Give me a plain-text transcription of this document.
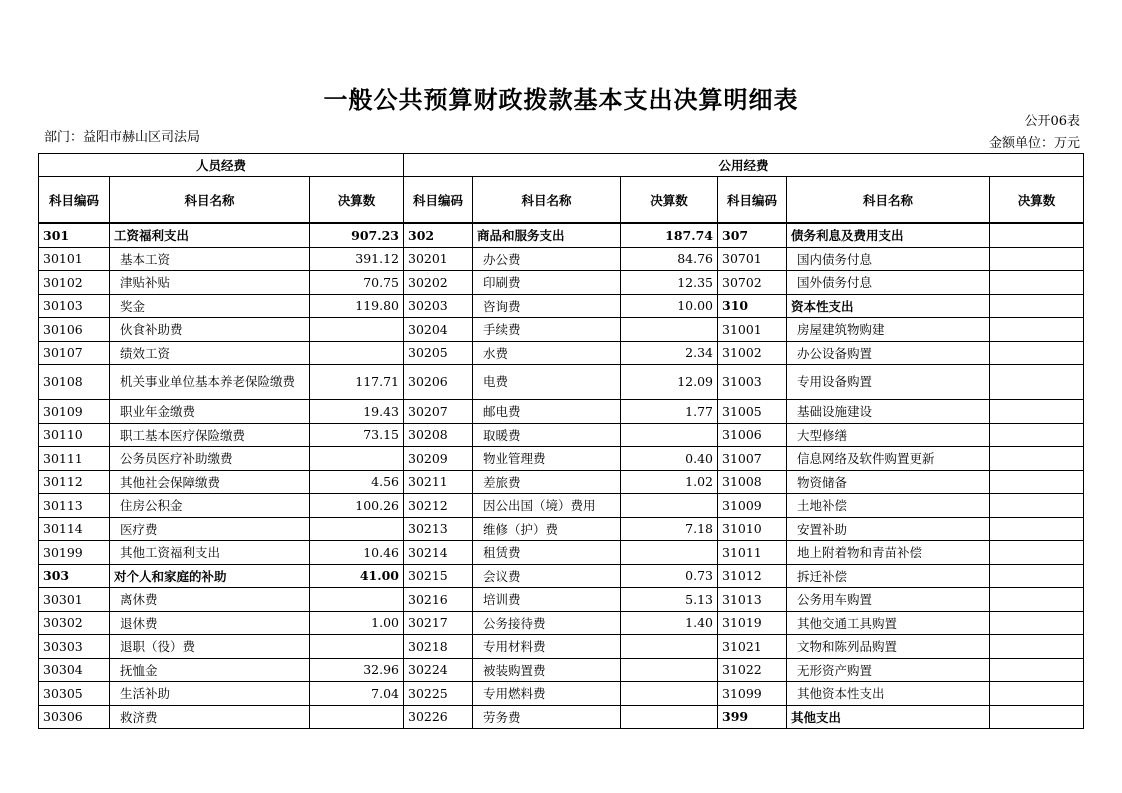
一般公共预算财政拨款基本支出决算明细表
部门：益阳市赫山区司法局
公开06表
金额单位：万元
人员经费			公用经费					
科目编码	科目名称	决算数	科目编码	科目名称	决算数	科目编码	科目名称	决算数
301	工资福利支出	907.23	302	商品和服务支出	187.74	307	债务利息及费用支出	
30101	基本工资	391.12	30201	办公费	84.76	30701	国内债务付息	
30102	津贴补贴	70.75	30202	印刷费	12.35	30702	国外债务付息	
30103	奖金	119.80	30203	咨询费	10.00	310	资本性支出	
30106	伙食补助费		30204	手续费		31001	房屋建筑物购建	
30107	绩效工资		30205	水费	2.34	31002	办公设备购置	
30108	机关事业单位基本养老保险缴费	117.71	30206	电费	12.09	31003	专用设备购置	
30109	职业年金缴费	19.43	30207	邮电费	1.77	31005	基础设施建设	
30110	职工基本医疗保险缴费	73.15	30208	取暖费		31006	大型修缮	
30111	公务员医疗补助缴费		30209	物业管理费	0.40	31007	信息网络及软件购置更新	
30112	其他社会保障缴费	4.56	30211	差旅费	1.02	31008	物资储备	
30113	住房公积金	100.26	30212	因公出国（境）费用		31009	土地补偿	
30114	医疗费		30213	维修（护）费	7.18	31010	安置补助	
30199	其他工资福利支出	10.46	30214	租赁费		31011	地上附着物和青苗补偿	
303	对个人和家庭的补助	41.00	30215	会议费	0.73	31012	拆迁补偿	
30301	离休费		30216	培训费	5.13	31013	公务用车购置	
30302	退休费	1.00	30217	公务接待费	1.40	31019	其他交通工具购置	
30303	退职（役）费		30218	专用材料费		31021	文物和陈列品购置	
30304	抚恤金	32.96	30224	被装购置费		31022	无形资产购置	
30305	生活补助	7.04	30225	专用燃料费		31099	其他资本性支出	
30306	救济费		30226	劳务费		399	其他支出	
